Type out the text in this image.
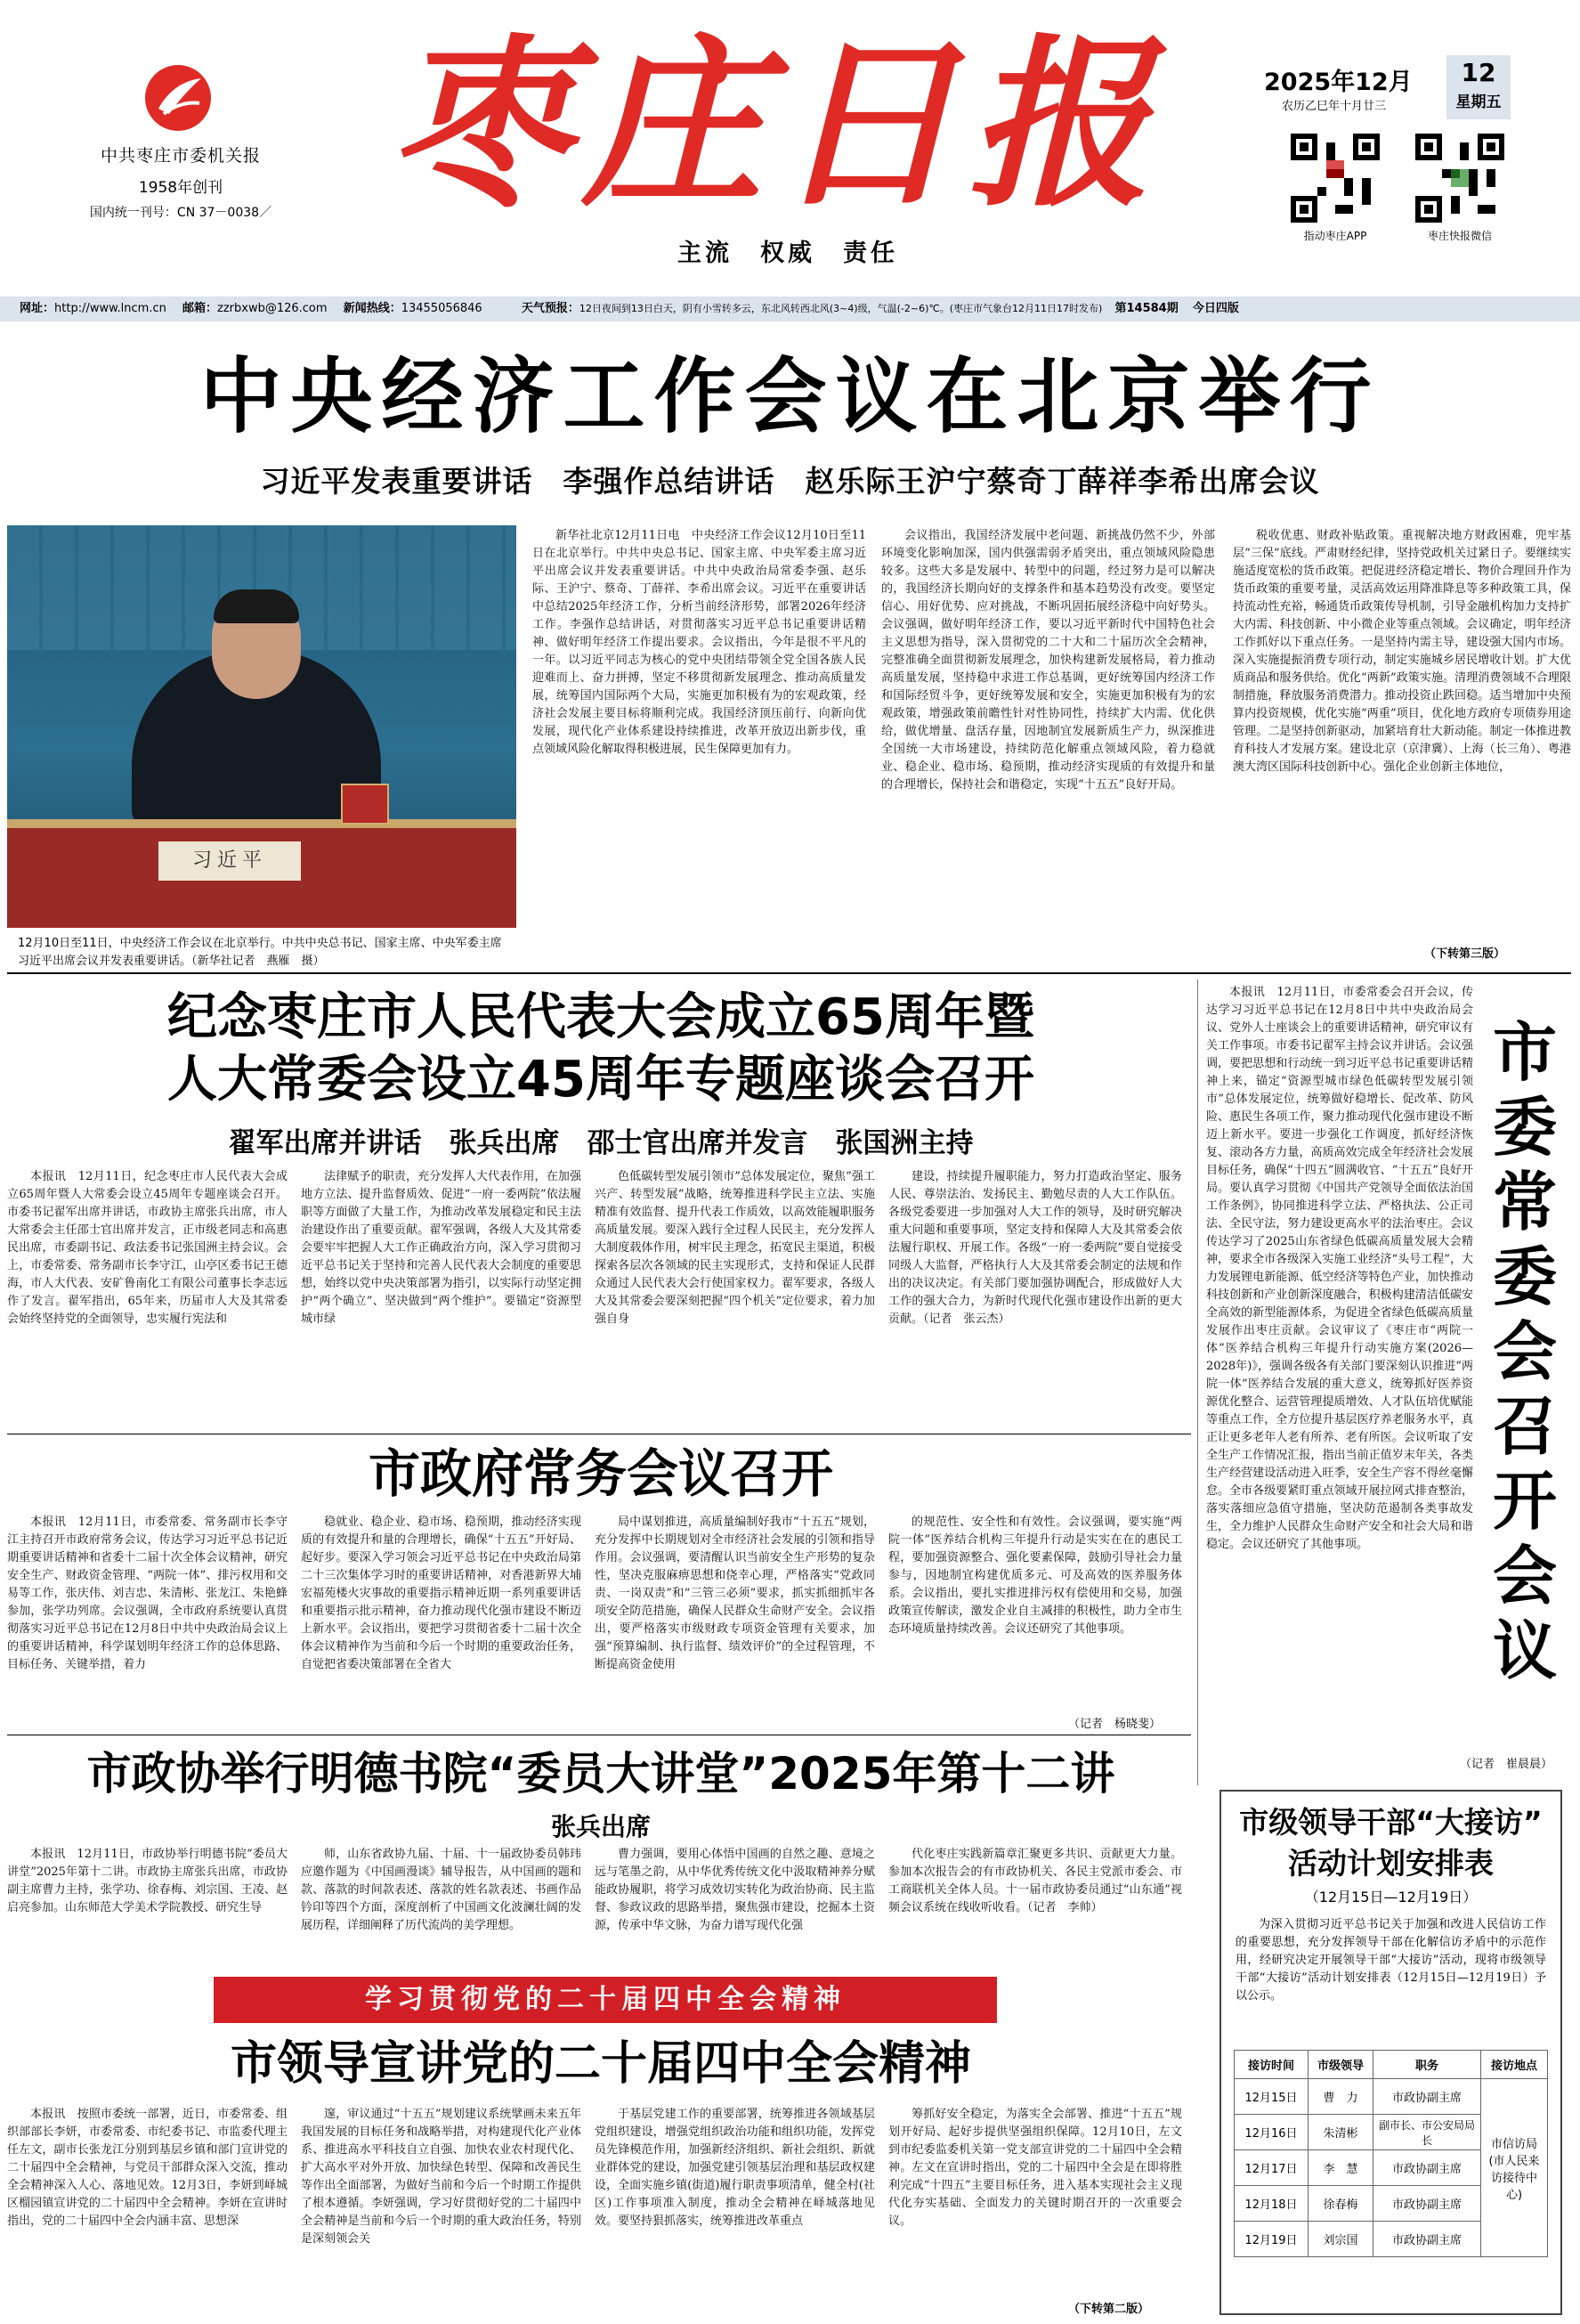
中共枣庄市委机关报
1958年创刊
国内统一刊号：CN 37－0038／ 枣庄日报
主流　权威　责任
2025年12月
农历乙巳年十月廿三
12
星期五
指动枣庄APP	枣庄快报微信
网址：http://www.lncm.cn 邮箱：zzrbxwb@126.com 新闻热线：13455056846	天气预报：12日夜间到13日白天，阴有小雪转多云，东北风转西北风(3~4)级，气温(-2~6)℃。(枣庄市气象台12月11日17时发布) 第14584期 今日四版
中央经济工作会议在北京举行
习近平发表重要讲话　李强作总结讲话　赵乐际王沪宁蔡奇丁薛祥李希出席会议
习近平
12月10日至11日，中央经济工作会议在北京举行。中共中央总书记、国家主席、中央军委主席习近平出席会议并发表重要讲话。（新华社记者　燕雁　摄）

新华社北京12月11日电　中央经济工作会议12月10日至11日在北京举行。中共中央总书记、国家主席、中央军委主席习近平出席会议并发表重要讲话。中共中央政治局常委李强、赵乐际、王沪宁、蔡奇、丁薛祥、李希出席会议。习近平在重要讲话中总结2025年经济工作，分析当前经济形势，部署2026年经济工作。李强作总结讲话，对贯彻落实习近平总书记重要讲话精神、做好明年经济工作提出要求。会议指出，今年是很不平凡的一年。以习近平同志为核心的党中央团结带领全党全国各族人民迎难而上、奋力拼搏，坚定不移贯彻新发展理念、推动高质量发展，统筹国内国际两个大局，实施更加积极有为的宏观政策，经济社会发展主要目标将顺利完成。我国经济顶压前行、向新向优发展，现代化产业体系建设持续推进，改革开放迈出新步伐，重点领域风险化解取得积极进展，民生保障更加有力。

会议指出，我国经济发展中老问题、新挑战仍然不少，外部环境变化影响加深，国内供强需弱矛盾突出，重点领域风险隐患较多。这些大多是发展中、转型中的问题，经过努力是可以解决的，我国经济长期向好的支撑条件和基本趋势没有改变。要坚定信心、用好优势、应对挑战，不断巩固拓展经济稳中向好势头。会议强调，做好明年经济工作，要以习近平新时代中国特色社会主义思想为指导，深入贯彻党的二十大和二十届历次全会精神，完整准确全面贯彻新发展理念，加快构建新发展格局，着力推动高质量发展，坚持稳中求进工作总基调，更好统筹国内经济工作和国际经贸斗争，更好统筹发展和安全，实施更加积极有为的宏观政策，增强政策前瞻性针对性协同性，持续扩大内需、优化供给，做优增量、盘活存量，因地制宜发展新质生产力，纵深推进全国统一大市场建设，持续防范化解重点领域风险，着力稳就业、稳企业、稳市场、稳预期，推动经济实现质的有效提升和量的合理增长，保持社会和谐稳定，实现“十五五”良好开局。

税收优惠、财政补贴政策。重视解决地方财政困难，兜牢基层“三保”底线。严肃财经纪律，坚持党政机关过紧日子。要继续实施适度宽松的货币政策。把促进经济稳定增长、物价合理回升作为货币政策的重要考量，灵活高效运用降准降息等多种政策工具，保持流动性充裕，畅通货币政策传导机制，引导金融机构加力支持扩大内需、科技创新、中小微企业等重点领域。会议确定，明年经济工作抓好以下重点任务。一是坚持内需主导，建设强大国内市场。深入实施提振消费专项行动，制定实施城乡居民增收计划。扩大优质商品和服务供给。优化“两新”政策实施。清理消费领域不合理限制措施，释放服务消费潜力。推动投资止跌回稳。适当增加中央预算内投资规模，优化实施“两重”项目，优化地方政府专项债券用途管理。二是坚持创新驱动，加紧培育壮大新动能。制定一体推进教育科技人才发展方案。建设北京（京津冀）、上海（长三角）、粤港澳大湾区国际科技创新中心。强化企业创新主体地位，

（下转第三版）
纪念枣庄市人民代表大会成立65周年暨
人大常委会设立45周年专题座谈会召开
翟军出席并讲话　张兵出席　邵士官出席并发言　张国洲主持

本报讯　12月11日，纪念枣庄市人民代表大会成立65周年暨人大常委会设立45周年专题座谈会召开。市委书记翟军出席并讲话，市政协主席张兵出席，市人大常委会主任邵士官出席并发言，正市级老同志和高惠民出席，市委副书记、政法委书记张国洲主持会议。会上，市委常委、常务副市长李守江，山亭区委书记王德海，市人大代表、安矿鲁南化工有限公司董事长李志远作了发言。翟军指出，65年来，历届市人大及其常委会始终坚持党的全面领导，忠实履行宪法和

法律赋予的职责，充分发挥人大代表作用，在加强地方立法、提升监督质效、促进“一府一委两院”依法履职等方面做了大量工作，为推动改革发展稳定和民主法治建设作出了重要贡献。翟军强调，各级人大及其常委会要牢牢把握人大工作正确政治方向，深入学习贯彻习近平总书记关于坚持和完善人民代表大会制度的重要思想，始终以党中央决策部署为指引，以实际行动坚定拥护“两个确立”、坚决做到“两个维护”。要锚定“资源型城市绿

色低碳转型发展引领市”总体发展定位，聚焦“强工兴产、转型发展”战略，统筹推进科学民主立法、实施精准有效监督、提升代表工作质效，以高效能履职服务高质量发展。要深入践行全过程人民民主，充分发挥人大制度载体作用，树牢民主理念，拓宽民主渠道，积极探索各层次各领域的民主实现形式，支持和保证人民群众通过人民代表大会行使国家权力。翟军要求，各级人大及其常委会要深刻把握“四个机关”定位要求，着力加强自身

建设，持续提升履职能力，努力打造政治坚定、服务人民、尊崇法治、发扬民主、勤勉尽责的人大工作队伍。各级党委要进一步加强对人大工作的领导，及时研究解决重大问题和重要事项，坚定支持和保障人大及其常委会依法履行职权、开展工作。各级“一府一委两院”要自觉接受同级人大监督，严格执行人大及其常委会制定的法规和作出的决议决定。有关部门要加强协调配合，形成做好人大工作的强大合力，为新时代现代化强市建设作出新的更大贡献。（记者　张云杰）

本报讯　12月11日，市委常委会召开会议，传达学习习近平总书记在12月8日中共中央政治局会议、党外人士座谈会上的重要讲话精神，研究审议有关工作事项。市委书记翟军主持会议并讲话。会议强调，要把思想和行动统一到习近平总书记重要讲话精神上来，锚定“资源型城市绿色低碳转型发展引领市”总体发展定位，统筹做好稳增长、促改革、防风险、惠民生各项工作，聚力推动现代化强市建设不断迈上新水平。要进一步强化工作调度，抓好经济恢复、滚动各方力量，高质高效完成全年经济社会发展目标任务，确保“十四五”圆满收官、“十五五”良好开局。要认真学习贯彻《中国共产党领导全面依法治国工作条例》，协同推进科学立法、严格执法、公正司法、全民守法，努力建设更高水平的法治枣庄。会议传达学习了2025山东省绿色低碳高质量发展大会精神，要求全市各级深入实施工业经济“头号工程”，大力发展锂电新能源、低空经济等特色产业，加快推动科技创新和产业创新深度融合，积极构建清洁低碳安全高效的新型能源体系，为促进全省绿色低碳高质量发展作出枣庄贡献。会议审议了《枣庄市“两院一体”医养结合机构三年提升行动实施方案(2026—2028年)》，强调各级各有关部门要深刻认识推进“两院一体”医养结合发展的重大意义，统筹抓好医养资源优化整合、运营管理提质增效、人才队伍培优赋能等重点工作，全方位提升基层医疗养老服务水平，真正让更多老年人老有所养、老有所医。会议听取了安全生产工作情况汇报，指出当前正值岁末年关，各类生产经营建设活动进入旺季，安全生产容不得丝毫懈怠。全市各级要紧盯重点领域开展拉网式排查整治，落实落细应急值守措施，坚决防范遏制各类事故发生，全力维护人民群众生命财产安全和社会大局和谐稳定。会议还研究了其他事项。

（记者　崔晨晨）
市委常委会召开会议
市政府常务会议召开

本报讯　12月11日，市委常委、常务副市长李守江主持召开市政府常务会议，传达学习习近平总书记近期重要讲话精神和省委十二届十次全体会议精神，研究安全生产、财政资金管理、“两院一体”、排污权用和交易等工作，张庆伟、刘吉忠、朱清彬、张龙江、朱艳蜂参加，张学功列席。会议强调，全市政府系统要认真贯彻落实习近平总书记在12月8日中共中央政治局会议上的重要讲话精神，科学谋划明年经济工作的总体思路、目标任务、关键举措，着力

稳就业、稳企业、稳市场、稳预期，推动经济实现质的有效提升和量的合理增长，确保“十五五”开好局、起好步。要深入学习领会习近平总书记在中央政治局第二十三次集体学习时的重要讲话精神，对香港新界大埔宏福苑楼火灾事故的重要指示精神近期一系列重要讲话和重要指示批示精神，奋力推动现代化强市建设不断迈上新水平。会议指出，要把学习贯彻省委十二届十次全体会议精神作为当前和今后一个时期的重要政治任务，自觉把省委决策部署在全省大

局中谋划推进，高质量编制好我市“十五五”规划，充分发挥中长期规划对全市经济社会发展的引领和指导作用。会议强调，要清醒认识当前安全生产形势的复杂性，坚决克服麻痹思想和侥幸心理，严格落实“党政同责、一岗双责”和“三管三必须”要求，抓实抓细抓牢各项安全防范措施，确保人民群众生命财产安全。会议指出，要严格落实市级财政专项资金管理有关要求，加强“预算编制、执行监督、绩效评价”的全过程管理，不断提高资金使用

的规范性、安全性和有效性。会议强调，要实施“两院一体”医养结合机构三年提升行动是实实在在的惠民工程，要加强资源整合、强化要素保障，鼓励引导社会力量参与，因地制宜构建优质多元、可及高效的医养服务体系。会议指出，要扎实推进排污权有偿使用和交易，加强政策宣传解读，激发企业自主减排的积极性，助力全市生态环境质量持续改善。会议还研究了其他事项。

（记者　杨晓斐）
市政协举行明德书院“委员大讲堂”2025年第十二讲
张兵出席

本报讯　12月11日，市政协举行明德书院“委员大讲堂”2025年第十二讲。市政协主席张兵出席，市政协副主席曹力主持，张学功、徐春梅、刘宗国、王凌、赵启亮参加。山东师范大学美术学院教授、研究生导

师，山东省政协九届、十届、十一届政协委员韩玮应邀作题为《中国画漫谈》辅导报告，从中国画的题和款、落款的时间款表述、落款的姓名款表述、书画作品钤印等四个方面，深度剖析了中国画文化波澜壮阔的发展历程，详细阐释了历代流尚的美学理想。

曹力强调，要用心体悟中国画的自然之趣、意境之远与笔墨之韵，从中华优秀传统文化中汲取精神养分赋能政协履职，将学习成效切实转化为政治协商、民主监督、参政议政的思路举措，聚焦强市建设，挖掘本土资源，传承中华文脉，为奋力谱写现代化强

代化枣庄实践新篇章汇聚更多共识、贡献更大力量。参加本次报告会的有市政协机关、各民主党派市委会、市工商联机关全体人员。十一届市政协委员通过“山东通”视频会议系统在线收听收看。（记者　李帅）

学习贯彻党的二十届四中全会精神
市领导宣讲党的二十届四中全会精神

本报讯　按照市委统一部署，近日，市委常委、组织部部长李妍，市委常委、市纪委书记、市监委代理主任左文，副市长张龙江分别到基层乡镇和部门宣讲党的二十届四中全会精神，与党员干部群众深入交流，推动全会精神深入人心、落地见效。12月3日，李妍到峄城区榴园镇宣讲党的二十届四中全会精神。李妍在宣讲时指出，党的二十届四中全会内涵丰富、思想深

邃，审议通过“十五五”规划建议系统擘画未来五年我国发展的目标任务和战略举措，对构建现代化产业体系、推进高水平科技自立自强、加快农业农村现代化、扩大高水平对外开放、加快绿色转型、保障和改善民生等作出全面部署，为做好当前和今后一个时期工作提供了根本遵循。李妍强调，学习好贯彻好党的二十届四中全会精神是当前和今后一个时期的重大政治任务，特别是深刻领会关

于基层党建工作的重要部署，统筹推进各领域基层党组织建设，增强党组织政治功能和组织功能，发挥党员先锋模范作用，加强新经济组织、新社会组织、新就业群体党的建设，加强党建引领基层治理和基层政权建设，全面实施乡镇(街道)履行职责事项清单，健全村(社区)工作事项准入制度，推动全会精神在峄城落地见效。要坚持狠抓落实，统筹推进改革重点

筹抓好安全稳定，为落实全会部署、推进“十五五”规划开好局、起好步提供坚强组织保障。12月10日，左文到市纪委监委机关第一党支部宣讲党的二十届四中全会精神。左文在宣讲时指出，党的二十届四中全会是在即将胜利完成“十四五”主要目标任务，进入基本实现社会主义现代化夯实基础、全面发力的关键时期召开的一次重要会议。

（下转第二版）
市级领导干部“大接访”
活动计划安排表
（12月15日—12月19日）
为深入贯彻习近平总书记关于加强和改进人民信访工作的重要思想，充分发挥领导干部在化解信访矛盾中的示范作用，经研究决定开展领导干部“大接访”活动，现将市级领导干部“大接访”活动计划安排表（12月15日—12月19日）予以公示。
接访时间	市级领导	职务	接访地点
12月15日	曹　力	市政协副主席	市信访局(市人民来访接待中心)
12月16日	朱清彬	副市长、市公安局局长	
12月17日	李　慧	市政协副主席	
12月18日	徐春梅	市政协副主席	
12月19日	刘宗国	市政协副主席	
